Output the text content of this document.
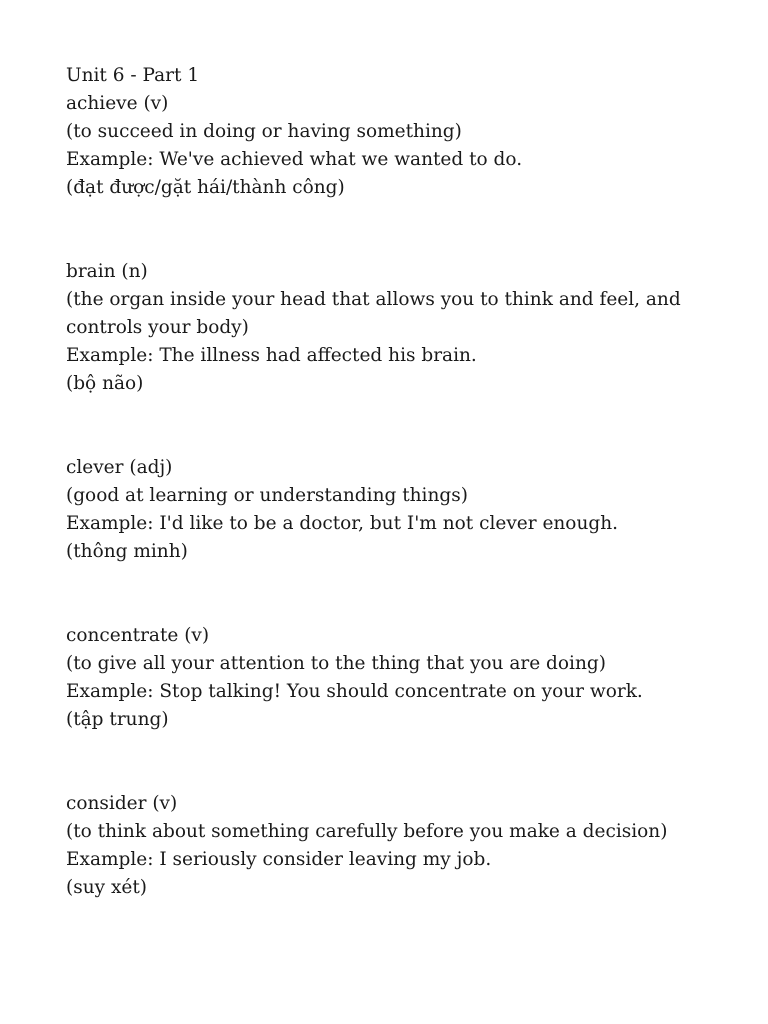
Unit 6 - Part 1
achieve (v)
(to succeed in doing or having something)
Example: We've achieved what we wanted to do.
(đạt được/gặt hái/thành công)
brain (n)
(the organ inside your head that allows you to think and feel, and controls your body)
Example: The illness had affected his brain.
(bộ não)
clever (adj)
(good at learning or understanding things)
Example: I'd like to be a doctor, but I'm not clever enough.
(thông minh)
concentrate (v)
(to give all your attention to the thing that you are doing)
Example: Stop talking! You should concentrate on your work.
(tập trung)
consider (v)
(to think about something carefully before you make a decision)
Example: I seriously consider leaving my job.
(suy xét)
